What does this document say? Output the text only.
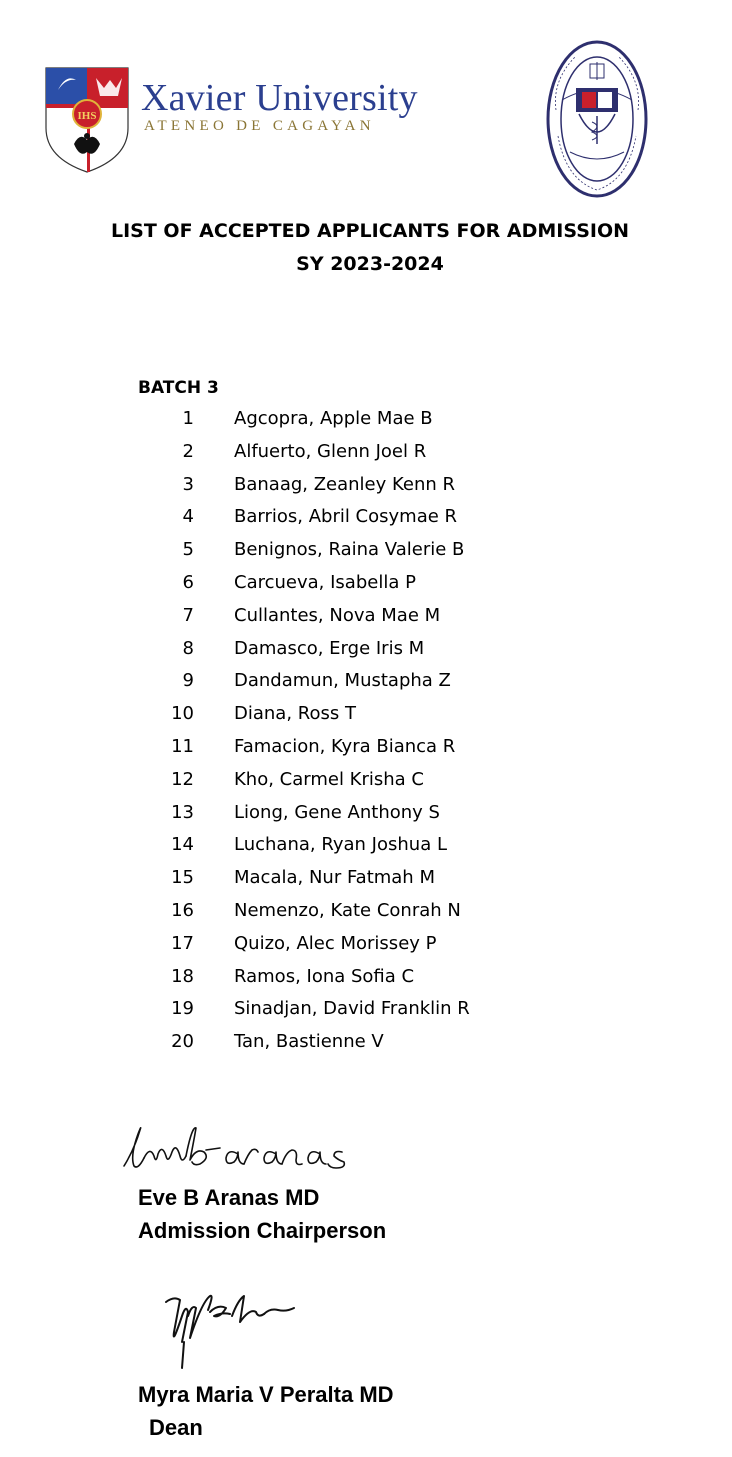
IHS Xavier University
ATENEO DE CAGAYAN
LIST OF ACCEPTED APPLICANTS FOR ADMISSION
SY 2023-2024
BATCH 3
1 Agcopra, Apple Mae B
2 Alfuerto, Glenn Joel R
3 Banaag, Zeanley Kenn R
4 Barrios, Abril Cosymae R
5 Benignos, Raina Valerie B
6 Carcueva, Isabella P
7 Cullantes, Nova Mae M
8 Damasco, Erge Iris M
9 Dandamun, Mustapha Z
10 Diana, Ross T
11 Famacion, Kyra Bianca R
12 Kho, Carmel Krisha C
13 Liong, Gene Anthony S
14 Luchana, Ryan Joshua L
15 Macala, Nur Fatmah M
16 Nemenzo, Kate Conrah N
17 Quizo, Alec Morissey P
18 Ramos, Iona Sofia C
19 Sinadjan, David Franklin R
20 Tan, Bastienne V
Eve B Aranas MD
Admission Chairperson
Myra Maria V Peralta MD
Dean
